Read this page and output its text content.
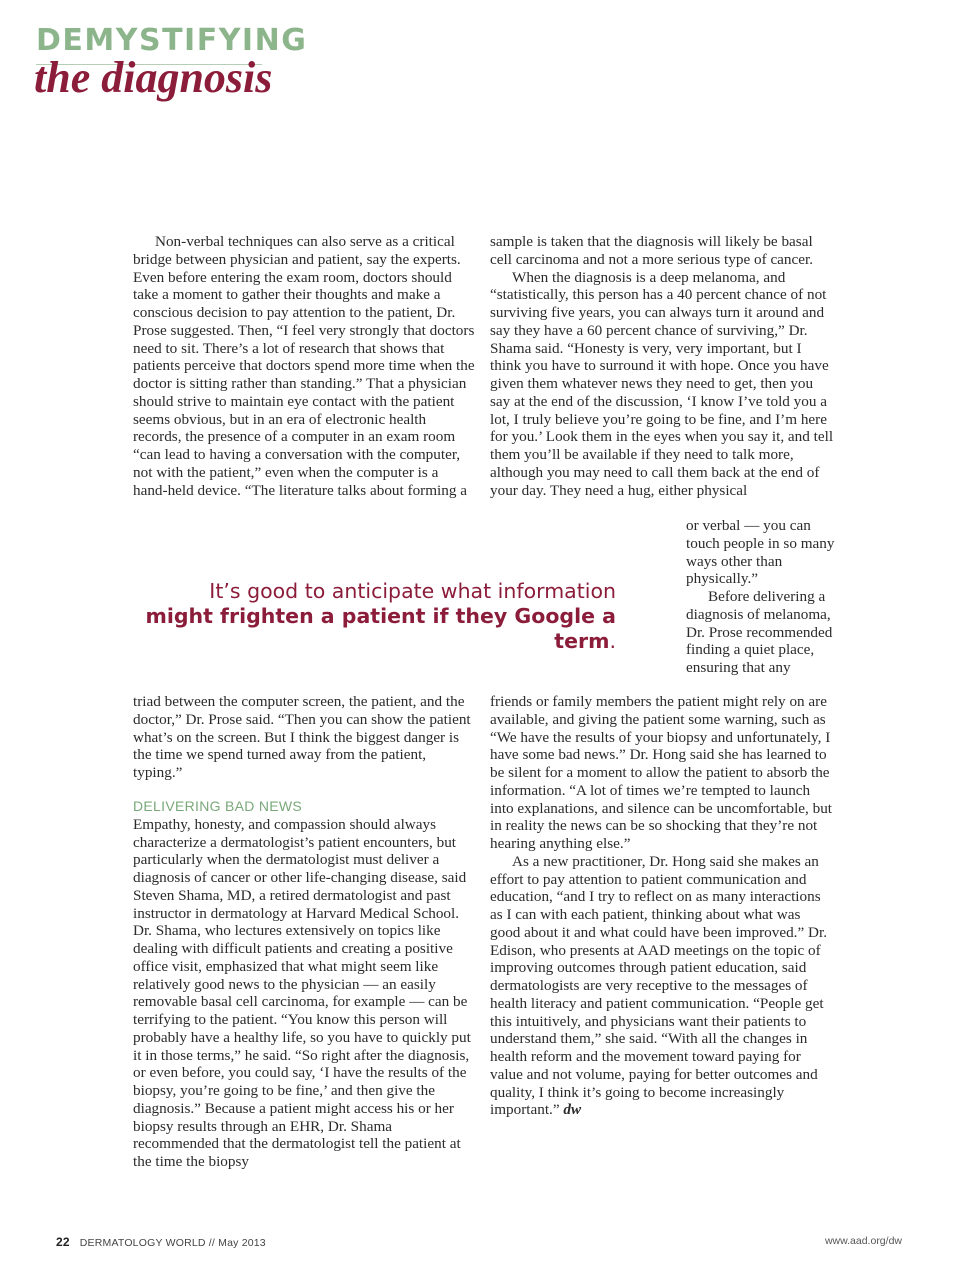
DEMYSTIFYING
the diagnosis

Non-verbal techniques can also serve as a critical bridge between physician and patient, say the experts. Even before entering the exam room, doctors should take a moment to gather their thoughts and make a conscious decision to pay attention to the patient, Dr. Prose suggested. Then, “I feel very strongly that doctors need to sit. There’s a lot of research that shows that patients perceive that doctors spend more time when the doctor is sitting rather than standing.” That a physician should strive to maintain eye contact with the patient seems obvious, but in an era of electronic health records, the presence of a computer in an exam room “can lead to having a conversation with the computer, not with the patient,” even when the computer is a hand-held device. “The literature talks about forming a

sample is taken that the diagnosis will likely be basal cell carcinoma and not a more serious type of cancer.

When the diagnosis is a deep melanoma, and “statistically, this person has a 40 percent chance of not surviving five years, you can always turn it around and say they have a 60 percent chance of surviving,” Dr. Shama said. “Honesty is very, very important, but I think you have to surround it with hope. Once you have given them whatever news they need to get, then you say at the end of the discussion, ‘I know I’ve told you a lot, I truly believe you’re going to be fine, and I’m here for you.’ Look them in the eyes when you say it, and tell them you’ll be available if they need to talk more, although you may need to call them back at the end of your day. They need a hug, either physical

or verbal — you can touch people in so many ways other than physically.”

Before delivering a diagnosis of melanoma, Dr. Prose recommended finding a quiet place, ensuring that any

It’s good to anticipate what information
might frighten a patient if they Google a term.

triad between the computer screen, the patient, and the doctor,” Dr. Prose said. “Then you can show the patient what’s on the screen. But I think the biggest danger is the time we spend turned away from the patient, typing.”

DELIVERING BAD NEWS

Empathy, honesty, and compassion should always characterize a dermatologist’s patient encounters, but particularly when the dermatologist must deliver a diagnosis of cancer or other life-changing disease, said Steven Shama, MD, a retired dermatologist and past instructor in dermatology at Harvard Medical School. Dr. Shama, who lectures extensively on topics like dealing with difficult patients and creating a positive office visit, emphasized that what might seem like relatively good news to the physician — an easily removable basal cell carcinoma, for example — can be terrifying to the patient. “You know this person will probably have a healthy life, so you have to quickly put it in those terms,” he said. “So right after the diagnosis, or even before, you could say, ‘I have the results of the biopsy, you’re going to be fine,’ and then give the diagnosis.” Because a patient might access his or her biopsy results through an EHR, Dr. Shama recommended that the dermatologist tell the patient at the time the biopsy

friends or family members the patient might rely on are available, and giving the patient some warning, such as “We have the results of your biopsy and unfortunately, I have some bad news.” Dr. Hong said she has learned to be silent for a moment to allow the patient to absorb the information. “A lot of times we’re tempted to launch into explanations, and silence can be uncomfortable, but in reality the news can be so shocking that they’re not hearing anything else.”

As a new practitioner, Dr. Hong said she makes an effort to pay attention to patient communication and education, “and I try to reflect on as many interactions as I can with each patient, thinking about what was good about it and what could have been improved.” Dr. Edison, who presents at AAD meetings on the topic of improving outcomes through patient education, said dermatologists are very receptive to the messages of health literacy and patient communication. “People get this intuitively, and physicians want their patients to understand them,” she said. “With all the changes in health reform and the movement toward paying for value and not volume, paying for better outcomes and quality, I think it’s going to become increasingly important.” dw

22 DERMATOLOGY WORLD // May 2013	www.aad.org/dw
